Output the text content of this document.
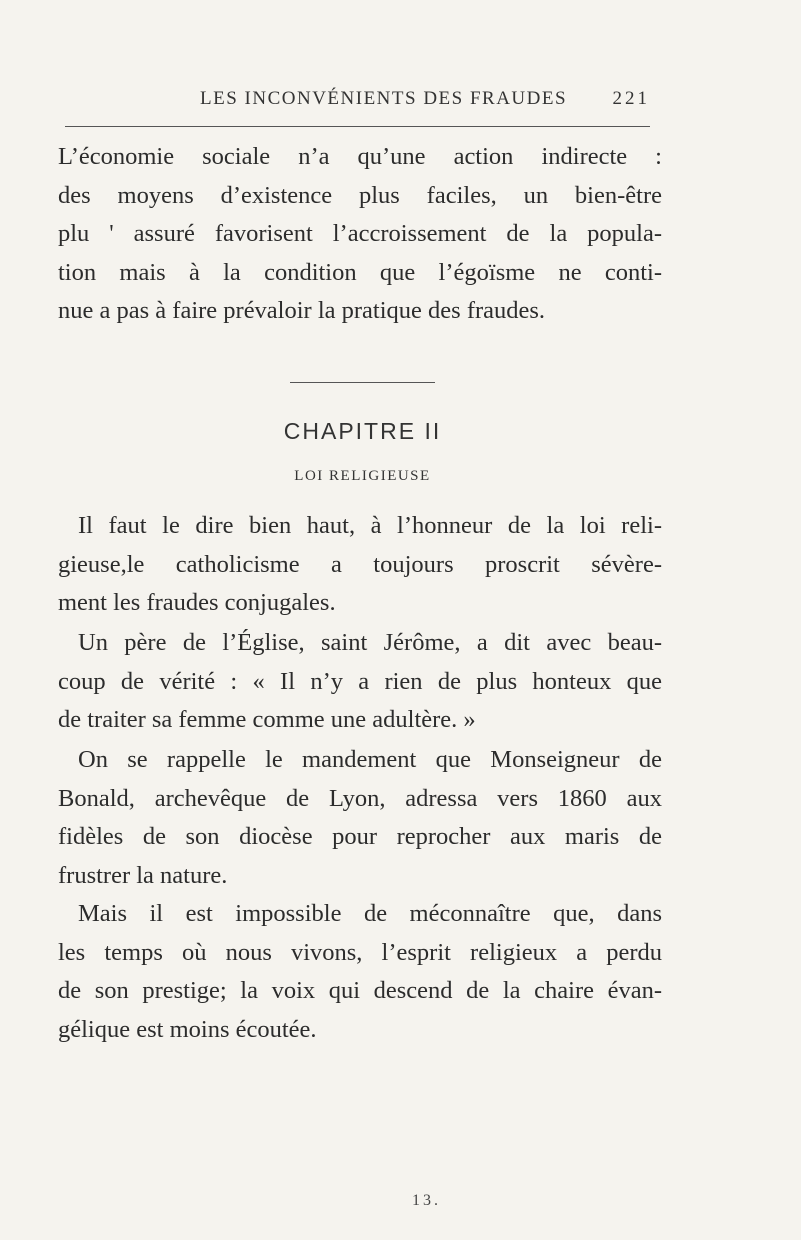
LES INCONVÉNIENTS DES FRAUDES 221
L’économie sociale n’a qu’une action indirecte :
des moyens d’existence plus faciles, un bien-être
plu ' assuré favorisent l’accroissement de la popula-
tion mais à la condition que l’égoïsme ne conti-
nue a pas à faire prévaloir la pratique des fraudes.
CHAPITRE II
LOI RELIGIEUSE
Il faut le dire bien haut, à l’honneur de la loi reli-
gieuse,le catholicisme a toujours proscrit sévère-
ment les fraudes conjugales.
Un père de l’Église, saint Jérôme, a dit avec beau-
coup de vérité : « Il n’y a rien de plus honteux que
de traiter sa femme comme une adultère. »
On se rappelle le mandement que Monseigneur de
Bonald, archevêque de Lyon, adressa vers 1860 aux
fidèles de son diocèse pour reprocher aux maris de
frustrer la nature.
Mais il est impossible de méconnaître que, dans
les temps où nous vivons, l’esprit religieux a perdu
de son prestige; la voix qui descend de la chaire évan-
gélique est moins écoutée.
13.
